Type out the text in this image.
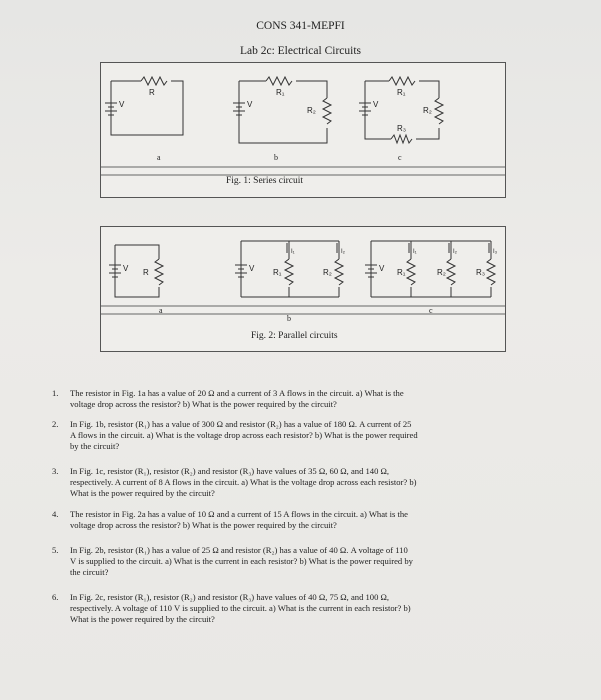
CONS 341-MEPFI
Lab 2c: Electrical Circuits
V
R
V
R₁
R₂
V
R₁
R₂
R₃
a	b	c
Fig. 1: Series circuit
V R	V R₁	R₂
I₁	I₂
V R₁	R₂	R₃
I₁	I₂	I₃
a
b
c
Fig. 2: Parallel circuits
1. The resistor in Fig. 1a has a value of 20 Ω and a current of 3 A flows in the circuit. a) What is the
voltage drop across the resistor? b) What is the power required by the circuit?
2. In Fig. 1b, resistor (R₁) has a value of 300 Ω and resistor (R₂) has a value of 180 Ω. A current of 25
A flows in the circuit. a) What is the voltage drop across each resistor? b) What is the power required
by the circuit?
3. In Fig. 1c, resistor (R₁), resistor (R₂) and resistor (R₃) have values of 35 Ω, 60 Ω, and 140 Ω,
respectively. A current of 8 A flows in the circuit. a) What is the voltage drop across each resistor? b)
What is the power required by the circuit?
4. The resistor in Fig. 2a has a value of 10 Ω and a current of 15 A flows in the circuit. a) What is the
voltage drop across the resistor? b) What is the power required by the circuit?
5. In Fig. 2b, resistor (R₁) has a value of 25 Ω and resistor (R₂) has a value of 40 Ω. A voltage of 110
V is supplied to the circuit. a) What is the current in each resistor? b) What is the power required by
the circuit?
6. In Fig. 2c, resistor (R₁), resistor (R₂) and resistor (R₃) have values of 40 Ω, 75 Ω, and 100 Ω,
respectively. A voltage of 110 V is supplied to the circuit. a) What is the current in each resistor? b)
What is the power required by the circuit?
